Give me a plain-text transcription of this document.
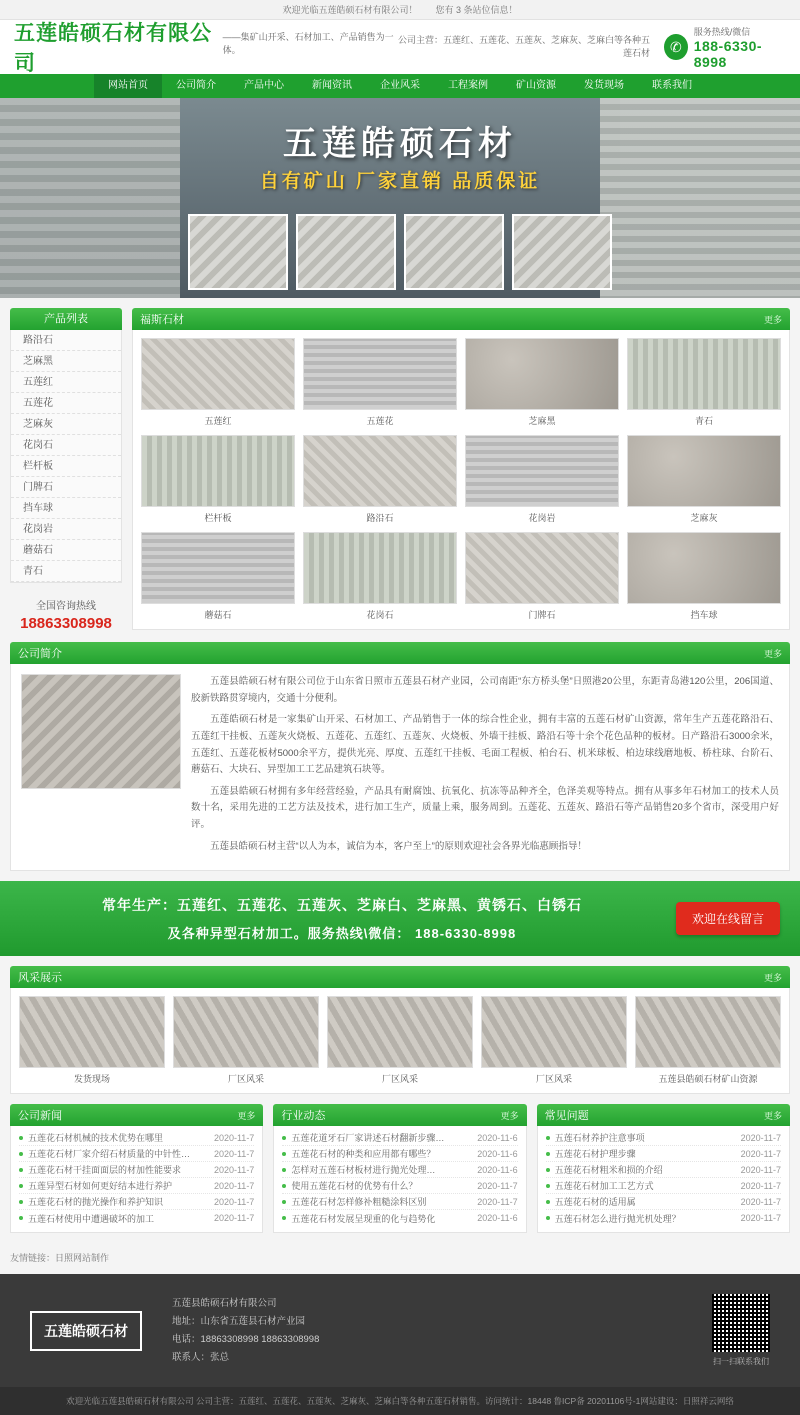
欢迎光临五莲皓硕石材有限公司！ 您有 3 条站位信息！
五莲皓硕石材有限公司
——集矿山开采、石材加工、产品销售为一体。
公司主营：五莲红、五莲花、五莲灰、芝麻灰、芝麻白等各种五莲石材	✆
服务热线/微信
188-6330-8998
网站首页	公司简介	产品中心	新闻资讯	企业风采	工程案例	矿山资源	发货现场	联系我们
五莲皓硕石材
自有矿山 厂家直销 品质保证
产品列表
路沿石
芝麻黑
五莲红
五莲花
芝麻灰
花岗石
栏杆板
门牌石
挡车球
花岗岩
蘑菇石
青石
全国咨询热线
18863308998
福斯石材	更多
五莲红	五莲花	芝麻黑	青石
栏杆板	路沿石	花岗岩	芝麻灰
蘑菇石	花岗石	门牌石	挡车球
公司简介	更多

五莲县皓硕石材有限公司位于山东省日照市五莲县石材产业园，公司南距“东方桥头堡”日照港20公里，东距青岛港120公里，206国道、胶新铁路贯穿境内，交通十分便利。

五莲皓硕石材是一家集矿山开采、石材加工、产品销售于一体的综合性企业，拥有丰富的五莲石材矿山资源，常年生产五莲花路沿石、五莲红干挂板、五莲灰火烧板、五莲花、五莲红、五莲灰、火烧板、外墙干挂板、路沿石等十余个花色品种的板材。日产路沿石3000余米，五莲红、五莲花板材5000余平方，提供光亮、厚度、五莲红干挂板、毛面工程板、柏台石、机米球板、柏边球线磨地板、桥柱球、台阶石、蘑菇石、大块石、异型加工工艺品建筑石块等。

五莲县皓硕石材拥有多年经营经验，产品具有耐腐蚀、抗氧化、抗冻等品种齐全，色泽美观等特点。拥有从事多年石材加工的技术人员数十名，采用先进的工艺方法及技术，进行加工生产，质量上乘，服务周到。五莲花、五莲灰、路沿石等产品销售20多个省市，深受用户好评。

五莲县皓硕石材主营“以人为本，诚信为本，客户至上”的原则欢迎社会各界光临惠顾指导！

常年生产：五莲红、五莲花、五莲灰、芝麻白、芝麻黑、黄锈石、白锈石
及各种异型石材加工。服务热线\微信： 188-6330-8998
欢迎在线留言
风采展示	更多
发货现场	厂区风采	厂区风采	厂区风采	五莲县皓硕石材矿山资源
公司新闻	更多
五莲花石材机械的技术优势在哪里	2020-11-7
五莲花石材厂家介绍石材质量的中针性…	2020-11-7
五莲花石材干挂面面层的材加性能要求	2020-11-7
五莲异型石材如何更好结本进行养护	2020-11-7
五莲花石材的抛光操作和养护知识	2020-11-7
五莲石材使用中遭遇破坏的加工	2020-11-7
行业动态	更多
五莲花道牙石厂家讲述石材翻新步骤…	2020-11-6
五莲花石材的种类和应用都有哪些？	2020-11-6
怎样对五莲石材板材进行抛光处理…	2020-11-6
使用五莲花石材的优势有什么？	2020-11-7
五莲花石材怎样修补粗糙涂料区别	2020-11-7
五莲花石材发展呈现重的化与趋势化	2020-11-6
常见问题	更多
五莲石材养护注意事项	2020-11-7
五莲花石材护理步骤	2020-11-7
五莲花石材粗米和损的介绍	2020-11-7
五莲花石材加工工艺方式	2020-11-7
五莲花石材的适用属	2020-11-7
五莲石材怎么进行抛光机处理？	2020-11-7
友情链接：日照网站制作
五莲皓硕石材
五莲县皓硕石材有限公司
地址：山东省五莲县石材产业园
电话：18863308998 18863308998
联系人：张总	扫一扫联系我们
欢迎光临五莲县皓硕石材有限公司 公司主营：五莲红、五莲花、五莲灰、芝麻灰、芝麻白等各种五莲石材销售。访问统计：18448 鲁ICP备 20201106号-1网站建设：日照祥云网络
